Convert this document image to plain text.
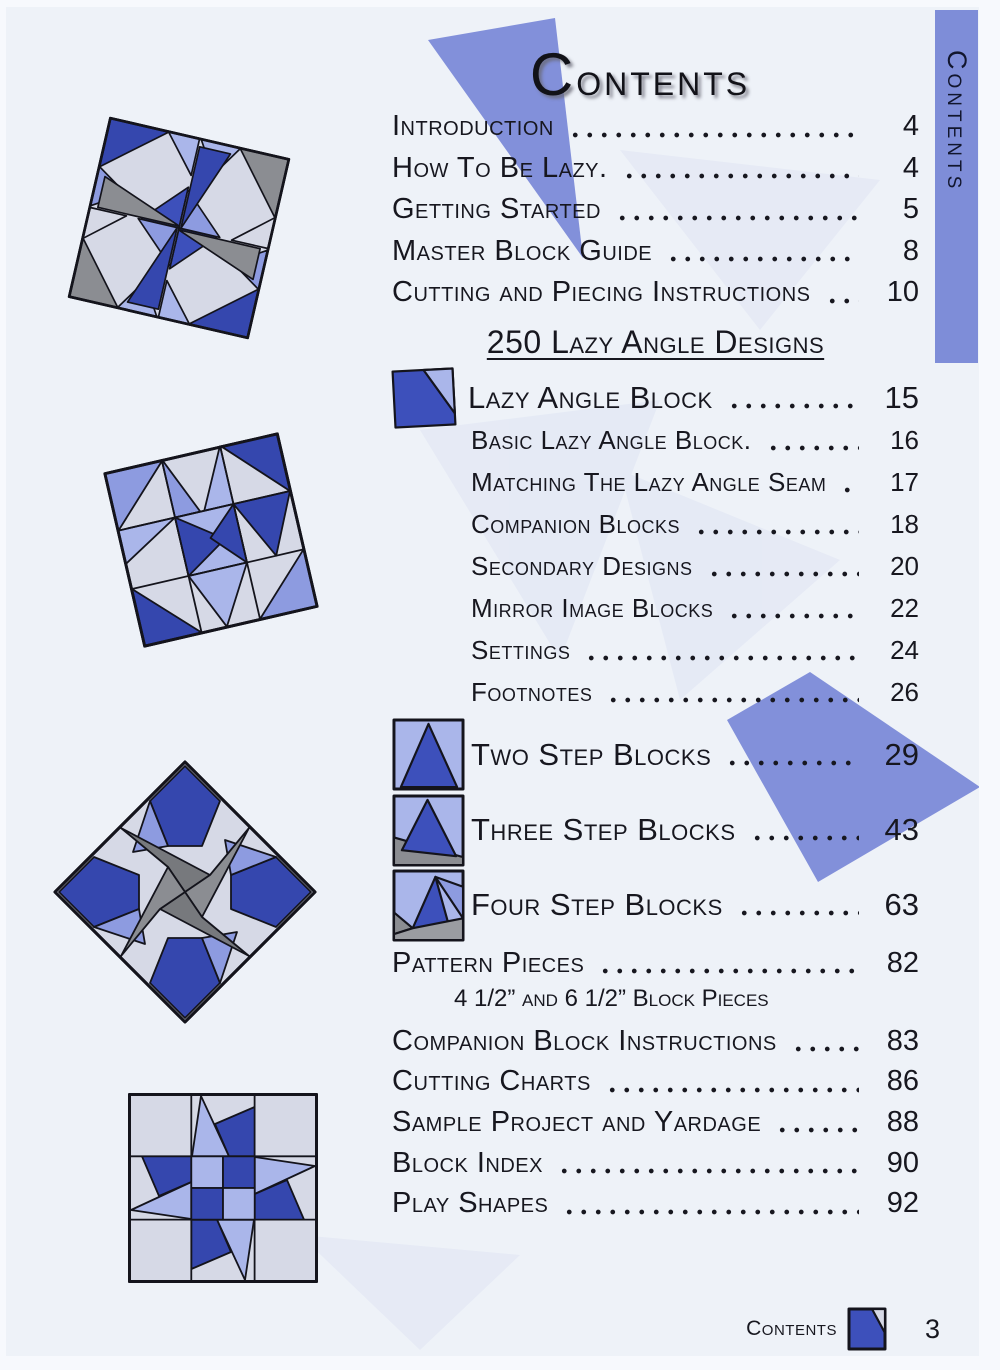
Contents
Contents
Introduction	4
How To Be Lazy.	4
Getting Started	5
Master Block Guide	8
Cutting and Piecing Instructions	10
250 Lazy Angle Designs
Lazy Angle Block	15
Basic Lazy Angle Block.	16
Matching The Lazy Angle Seam	17
Companion Blocks	18
Secondary Designs	20
Mirror Image Blocks	22
Settings	24
Footnotes	26
Two Step Blocks	29
Three Step Blocks	43
Four Step Blocks	63
Pattern Pieces	82
4 1/2” and 6 1/2” Block Pieces
Companion Block Instructions	83
Cutting Charts	86
Sample Project and Yardage	88
Block Index	90
Play Shapes	92
Contents	3
